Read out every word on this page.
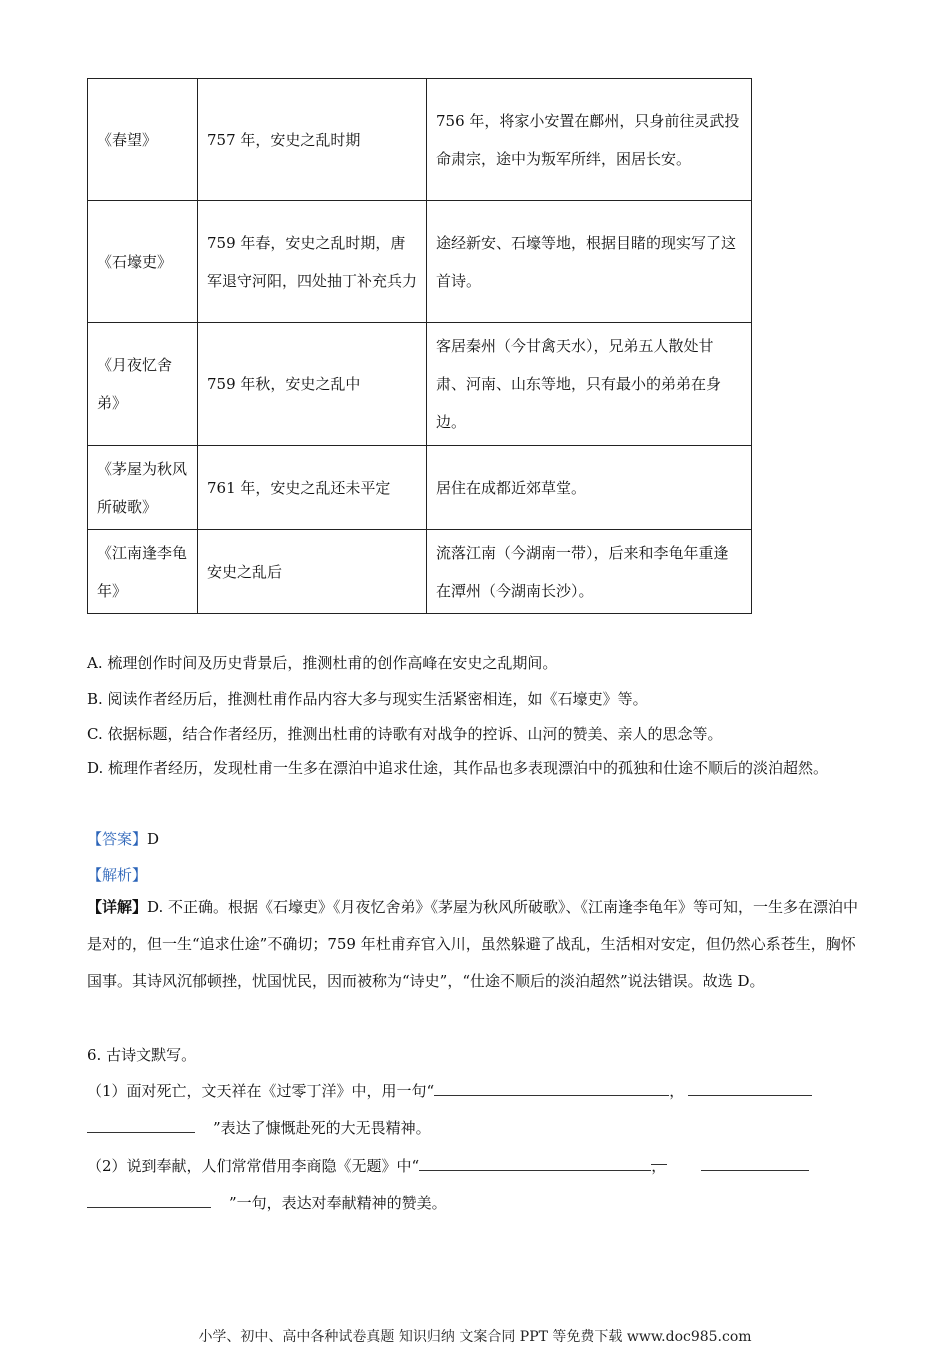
《春望》	757 年，安史之乱时期	756 年，将家小安置在鄜州，只身前往灵武投命肃宗，途中为叛军所绊，困居长安。
《石壕吏》	759 年春，安史之乱时期，唐军退守河阳，四处抽丁补充兵力	途经新安、石壕等地，根据目睹的现实写了这首诗。
《月夜忆舍弟》	759 年秋，安史之乱中	客居秦州（今甘禽天水），兄弟五人散处甘肃、河南、山东等地，只有最小的弟弟在身边。
《茅屋为秋风所破歌》	761 年，安史之乱还未平定	居住在成都近郊草堂。
《江南逢李龟年》	安史之乱后	流落江南（今湖南一带），后来和李龟年重逢在潭州（今湖南长沙）。
A. 梳理创作时间及历史背景后，推测杜甫的创作高峰在安史之乱期间。
B. 阅读作者经历后，推测杜甫作品内容大多与现实生活紧密相连，如《石壕吏》等。
C. 依据标题，结合作者经历，推测出杜甫的诗歌有对战争的控诉、山河的赞美、亲人的思念等。
D. 梳理作者经历，发现杜甫一生多在漂泊中追求仕途，其作品也多表现漂泊中的孤独和仕途不顺后的淡泊超然。
【答案】D
【解析】
【详解】D. 不正确。根据《石壕吏》《月夜忆舍弟》《茅屋为秋风所破歌》、《江南逢李龟年》等可知，一生多在漂泊中是对的，但一生“追求仕途”不确切；759 年杜甫弃官入川，虽然躲避了战乱，生活相对安定，但仍然心系苍生，胸怀国事。其诗风沉郁顿挫，忧国忧民，因而被称为“诗史”，“仕途不顺后的淡泊超然”说法错误。故选 D。
6. 古诗文默写。
（1）面对死亡，文天祥在《过零丁洋》中，用一句“	，
”表达了慷慨赴死的大无畏精神。
（2）说到奉献，人们常常借用李商隐《无题》中“	，
”一句，表达对奉献精神的赞美。
小学、初中、高中各种试卷真题 知识归纳 文案合同 PPT 等免费下载 www.doc985.com
